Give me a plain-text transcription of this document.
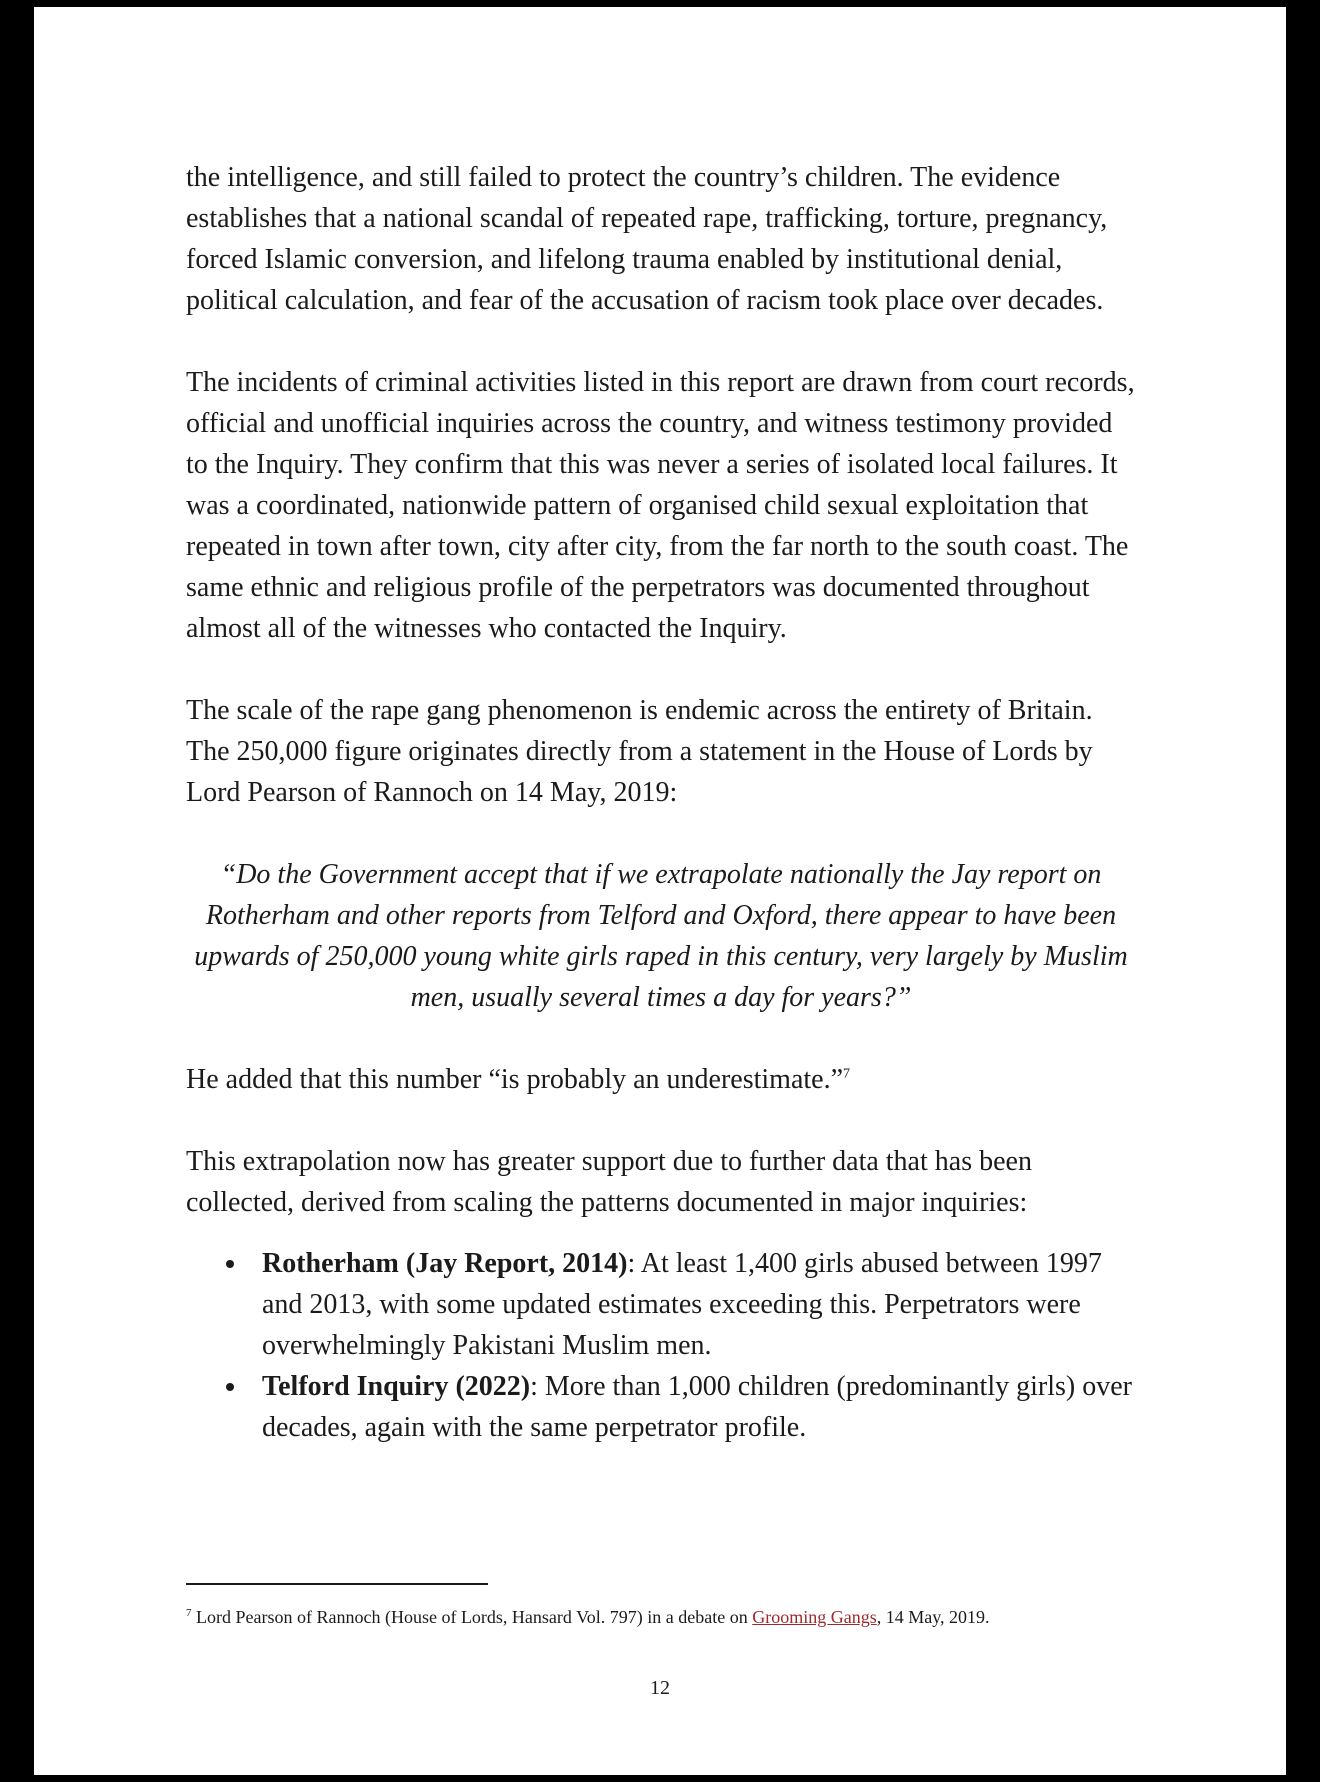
the intelligence, and still failed to protect the country’s children. The evidence establishes that a national scandal of repeated rape, trafficking, torture, pregnancy, forced Islamic conversion, and lifelong trauma enabled by institutional denial, political calculation, and fear of the accusation of racism took place over decades.

The incidents of criminal activities listed in this report are drawn from court records, official and unofficial inquiries across the country, and witness testimony provided to the Inquiry. They confirm that this was never a series of isolated local failures. It was a coordinated, nationwide pattern of organised child sexual exploitation that repeated in town after town, city after city, from the far north to the south coast. The same ethnic and religious profile of the perpetrators was documented throughout almost all of the witnesses who contacted the Inquiry.

The scale of the rape gang phenomenon is endemic across the entirety of Britain. The 250,000 figure originates directly from a statement in the House of Lords by Lord Pearson of Rannoch on 14 May, 2019:

“Do the Government accept that if we extrapolate nationally the Jay report on Rotherham and other reports from Telford and Oxford, there appear to have been upwards of 250,000 young white girls raped in this century, very largely by Muslim men, usually several times a day for years?”

He added that this number “is probably an underestimate.”$^7$

This extrapolation now has greater support due to further data that has been collected, derived from scaling the patterns documented in major inquiries:

Rotherham (Jay Report, 2014): At least 1,400 girls abused between 1997 and 2013, with some updated estimates exceeding this. Perpetrators were overwhelmingly Pakistani Muslim men.
Telford Inquiry (2022): More than 1,000 children (predominantly girls) over decades, again with the same perpetrator profile.
$^7$ Lord Pearson of Rannoch (House of Lords, Hansard Vol. 797) in a debate on Grooming Gangs, 14 May, 2019.
12
